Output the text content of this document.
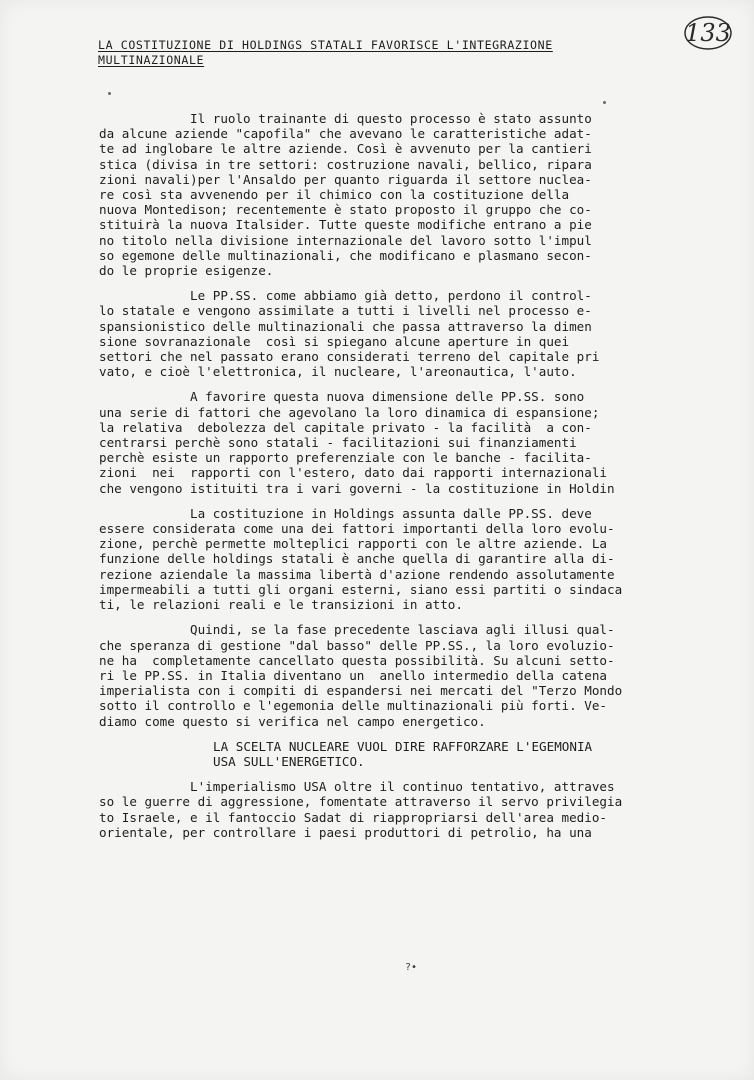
133
LA COSTITUZIONE DI HOLDINGS STATALI FAVORISCE L'INTEGRAZIONE
MULTINAZIONALE
Il ruolo trainante di questo processo è stato assunto
da alcune aziende "capofila" che avevano le caratteristiche adat-
te ad inglobare le altre aziende. Così è avvenuto per la cantieri
stica (divisa in tre settori: costruzione navali, bellico, ripara
zioni navali)per l'Ansaldo per quanto riguarda il settore nuclea-
re così sta avvenendo per il chimico con la costituzione della
nuova Montedison; recentemente è stato proposto il gruppo che co-
stituirà la nuova Italsider. Tutte queste modifiche entrano a pie
no titolo nella divisione internazionale del lavoro sotto l'impul
so egemone delle multinazionali, che modificano e plasmano secon-
do le proprie esigenze.
Le PP.SS. come abbiamo già detto, perdono il control-
lo statale e vengono assimilate a tutti i livelli nel processo e-
spansionistico delle multinazionali che passa attraverso la dimen
sione sovranazionale  così si spiegano alcune aperture in quei
settori che nel passato erano considerati terreno del capitale pri
vato, e cioè l'elettronica, il nucleare, l'areonautica, l'auto.
A favorire questa nuova dimensione delle PP.SS. sono
una serie di fattori che agevolano la loro dinamica di espansione;
la relativa  debolezza del capitale privato - la facilità  a con-
centrarsi perchè sono statali - facilitazioni sui finanziamenti
perchè esiste un rapporto preferenziale con le banche - facilita-
zioni  nei  rapporti con l'estero, dato dai rapporti internazionali
che vengono istituiti tra i vari governi - la costituzione in Holdin
La costituzione in Holdings assunta dalle PP.SS. deve
essere considerata come una dei fattori importanti della loro evolu-
zione, perchè permette molteplici rapporti con le altre aziende. La
funzione delle holdings statali è anche quella di garantire alla di-
rezione aziendale la massima libertà d'azione rendendo assolutamente
impermeabili a tutti gli organi esterni, siano essi partiti o sindaca
ti, le relazioni reali e le transizioni in atto.
Quindi, se la fase precedente lasciava agli illusi qual-
che speranza di gestione "dal basso" delle PP.SS., la loro evoluzio-
ne ha  completamente cancellato questa possibilità. Su alcuni setto-
ri le PP.SS. in Italia diventano un  anello intermedio della catena
imperialista con i compiti di espandersi nei mercati del "Terzo Mondo
sotto il controllo e l'egemonia delle multinazionali più forti. Ve-
diamo come questo si verifica nel campo energetico.
LA SCELTA NUCLEARE VUOL DIRE RAFFORZARE L'EGEMONIA
USA SULL'ENERGETICO.
L'imperialismo USA oltre il continuo tentativo, attraves
so le guerre di aggressione, fomentate attraverso il servo privilegia
to Israele, e il fantoccio Sadat di riappropriarsi dell'area medio-
orientale, per controllare i paesi produttori di petrolio, ha una
?•
